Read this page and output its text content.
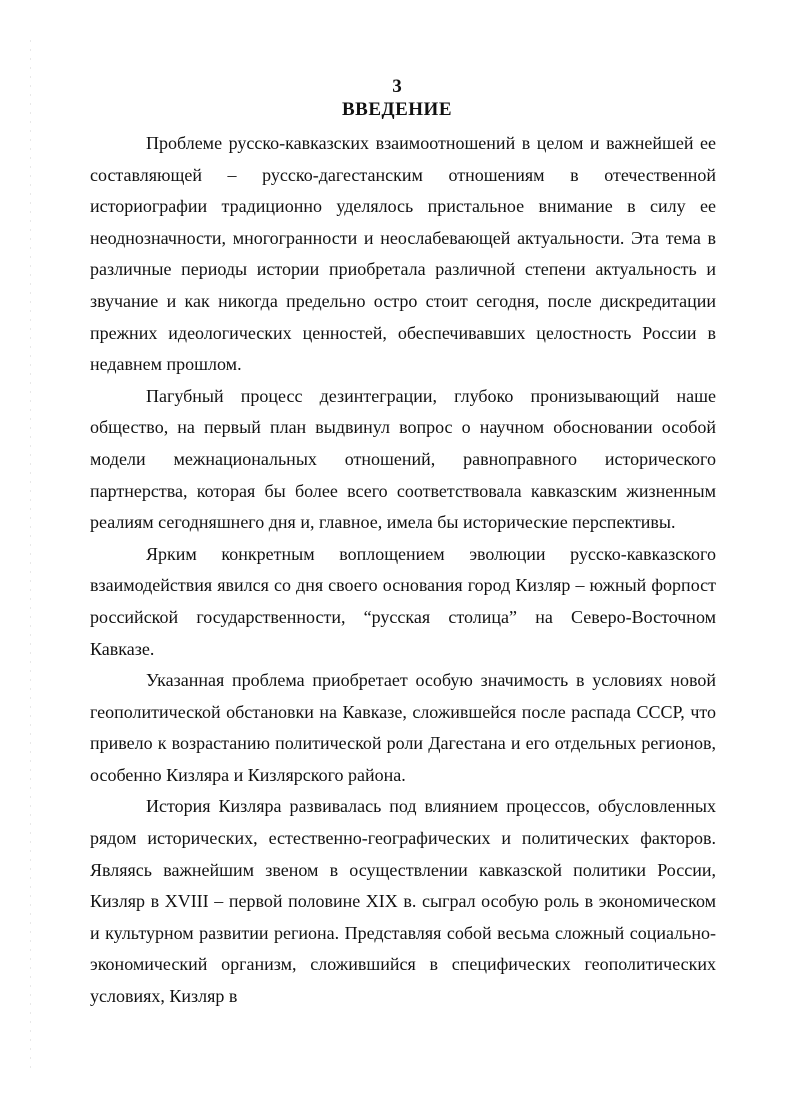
3
ВВЕДЕНИЕ

Проблеме русско-кавказских взаимоотношений в целом и важнейшей ее составляющей – русско-дагестанским отношениям в отечественной историографии традиционно уделялось пристальное внимание в силу ее неоднозначности, многогранности и неослабевающей актуальности. Эта тема в различные периоды истории приобретала различной степени актуальность и звучание и как никогда предельно остро стоит сегодня, после дискредитации прежних идеологических ценностей, обеспечивавших целостность России в недавнем прошлом.

Пагубный процесс дезинтеграции, глубоко пронизывающий наше общество, на первый план выдвинул вопрос о научном обосновании особой модели межнациональных отношений, равноправного исторического партнерства, которая бы более всего соответствовала кавказским жизненным реалиям сегодняшнего дня и, главное, имела бы исторические перспективы.

Ярким конкретным воплощением эволюции русско-кавказского взаимодействия явился со дня своего основания город Кизляр – южный форпост российской государственности, “русская столица” на Северо-Восточном Кавказе.

Указанная проблема приобретает особую значимость в условиях новой геополитической обстановки на Кавказе, сложившейся после распада СССР, что привело к возрастанию политической роли Дагестана и его отдельных регионов, особенно Кизляра и Кизлярского района.

История Кизляра развивалась под влиянием процессов, обусловленных рядом исторических, естественно-географических и политических факторов. Являясь важнейшим звеном в осуществлении кавказской политики России, Кизляр в XVIII – первой половине XIX в. сыграл особую роль в экономическом и культурном развитии региона. Представляя собой весьма сложный социально-экономический организм, сложившийся в специфических геополитических условиях, Кизляр в
